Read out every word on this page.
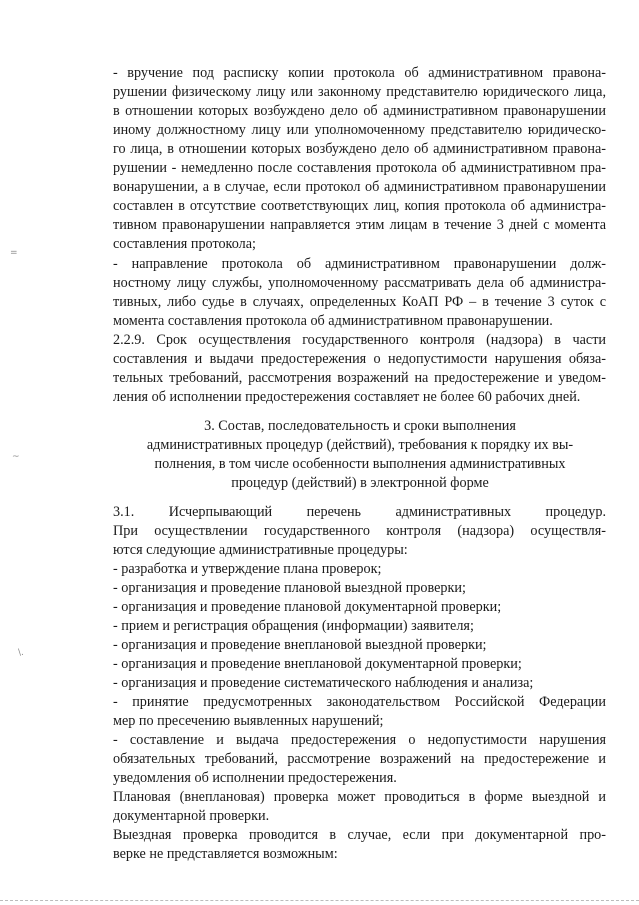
=
~
\.
- вручение под расписку копии протокола об административном правона-
рушении физическому лицу или законному представителю юридического лица,
в отношении которых возбуждено дело об административном правонарушении
иному должностному лицу или уполномоченному представителю юридическо-
го лица, в отношении которых возбуждено дело об административном правона-
рушении - немедленно после составления протокола об административном пра-
вонарушении, а в случае, если протокол об административном правонарушении
составлен в отсутствие соответствующих лиц, копия протокола об администра-
тивном правонарушении направляется этим лицам в течение 3 дней с момента
составления протокола;
- направление протокола об административном правонарушении долж-
ностному лицу службы, уполномоченному рассматривать дела об администра-
тивных, либо судье в случаях, определенных КоАП РФ – в течение 3 суток с
момента составления протокола об административном правонарушении.
2.2.9. Срок осуществления государственного контроля (надзора) в части
составления и выдачи предостережения о недопустимости нарушения обяза-
тельных требований, рассмотрения возражений на предостережение и уведом-
ления об исполнении предостережения составляет не более 60 рабочих дней.
3. Состав, последовательность и сроки выполнения
административных процедур (действий), требования к порядку их вы-
полнения, в том числе особенности выполнения административных
процедур (действий) в электронной форме
3.1. Исчерпывающий перечень административных процедур.
При осуществлении государственного контроля (надзора) осуществля-
ются следующие административные процедуры:
- разработка и утверждение плана проверок;
- организация и проведение плановой выездной проверки;
- организация и проведение плановой документарной проверки;
- прием и регистрация обращения (информации) заявителя;
- организация и проведение внеплановой выездной проверки;
- организация и проведение внеплановой документарной проверки;
- организация и проведение систематического наблюдения и анализа;
- принятие предусмотренных законодательством Российской Федерации
мер по пресечению выявленных нарушений;
- составление и выдача предостережения о недопустимости нарушения
обязательных требований, рассмотрение возражений на предостережение и
уведомления об исполнении предостережения.
Плановая (внеплановая) проверка может проводиться в форме выездной и
документарной проверки.
Выездная проверка проводится в случае, если при документарной про-
верке не представляется возможным:
